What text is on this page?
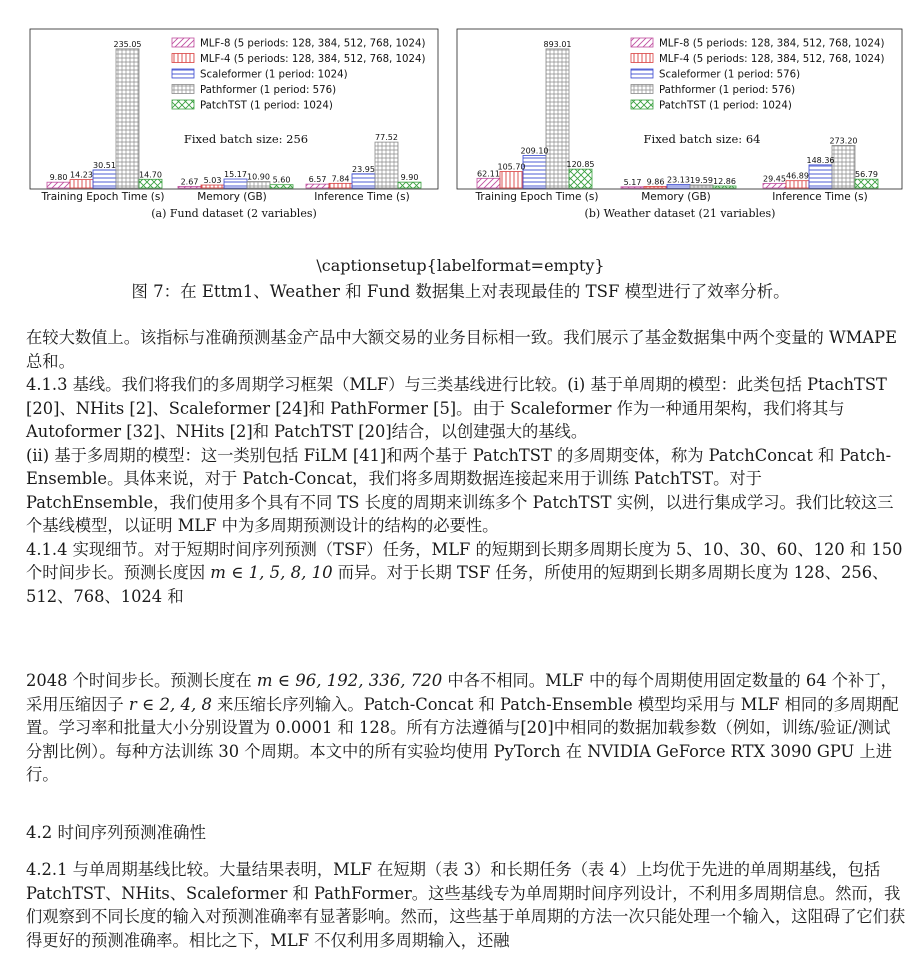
9.80 14.23
30.51
235.05
14.70
2.67 5.03
15.17 10.90 5.60 6.57 7.84
23.95
77.52
9.90
MLF-8 (5 periods: 128, 384, 512, 768, 1024)
MLF-4 (5 periods: 128, 384, 512, 768, 1024)
Scaleformer (1 period: 1024)
Pathformer (1 period: 576)
PatchTST (1 period: 1024)
Fixed batch size: 256
Training Epoch Time (s)	Memory (GB)	Inference Time (s)
(a) Fund dataset (2 variables)
62.11
105.70
209.10
893.01
120.85
5.17 9.86 23.13 19.59 12.86	29.45 46.89
148.36
273.20
56.79
MLF-8 (5 periods: 128, 384, 512, 768, 1024)
MLF-4 (5 periods: 128, 384, 512, 768, 1024)
Scaleformer (1 period: 576)
Pathformer (1 period: 576)
PatchTST (1 period: 1024)
Fixed batch size: 64
Training Epoch Time (s)	Memory (GB)	Inference Time (s)
(b) Weather dataset (21 variables)
\captionsetup{labelformat=empty}
图 7：在 Ettm1、Weather 和 Fund 数据集上对表现最佳的 TSF 模型进行了效率分析。

在较大数值上。该指标与准确预测基金产品中大额交易的业务目标相一致。我们展示了基金数据集中两个变量的 WMAPE 总和。

4.1.3 基线。我们将我们的多周期学习框架（MLF）与三类基线进行比较。(i) 基于单周期的模型：此类包括 PtachTST [20]、NHits [2]、Scaleformer [24]和 PathFormer [5]。由于 Scaleformer 作为一种通用架构，我们将其与 Autoformer [32]、NHits [2]和 PatchTST [20]结合，以创建强大的基线。

(ii) 基于多周期的模型：这一类别包括 FiLM [41]和两个基于 PatchTST 的多周期变体，称为 PatchConcat 和 Patch-Ensemble。具体来说，对于 Patch-Concat，我们将多周期数据连接起来用于训练 PatchTST。对于 PatchEnsemble，我们使用多个具有不同 TS 长度的周期来训练多个 PatchTST 实例，以进行集成学习。我们比较这三个基线模型，以证明 MLF 中为多周期预测设计的结构的必要性。

4.1.4 实现细节。对于短期时间序列预测（TSF）任务，MLF 的短期到长期多周期长度为 5、10、30、60、120 和 150 个时间步长。预测长度因 m ∈ 1, 5, 8, 10 而异。对于长期 TSF 任务，所使用的短期到长期多周期长度为 128、256、512、768、1024 和

2048 个时间步长。预测长度在 m ∈ 96, 192, 336, 720 中各不相同。MLF 中的每个周期使用固定数量的 64 个补丁，采用压缩因子 r ∈ 2, 4, 8 来压缩长序列输入。Patch-Concat 和 Patch-Ensemble 模型均采用与 MLF 相同的多周期配置。学习率和批量大小分别设置为 0.0001 和 128。所有方法遵循与[20]中相同的数据加载参数（例如，训练/验证/测试分割比例）。每种方法训练 30 个周期。本文中的所有实验均使用 PyTorch 在 NVIDIA GeForce RTX 3090 GPU 上进行。

4.2 时间序列预测准确性

4.2.1 与单周期基线比较。大量结果表明，MLF 在短期（表 3）和长期任务（表 4）上均优于先进的单周期基线，包括 PatchTST、NHits、Scaleformer 和 PathFormer。这些基线专为单周期时间序列设计，不利用多周期信息。然而，我们观察到不同长度的输入对预测准确率有显著影响。然而，这些基于单周期的方法一次只能处理一个输入，这阻碍了它们获得更好的预测准确率。相比之下，MLF 不仅利用多周期输入，还融
